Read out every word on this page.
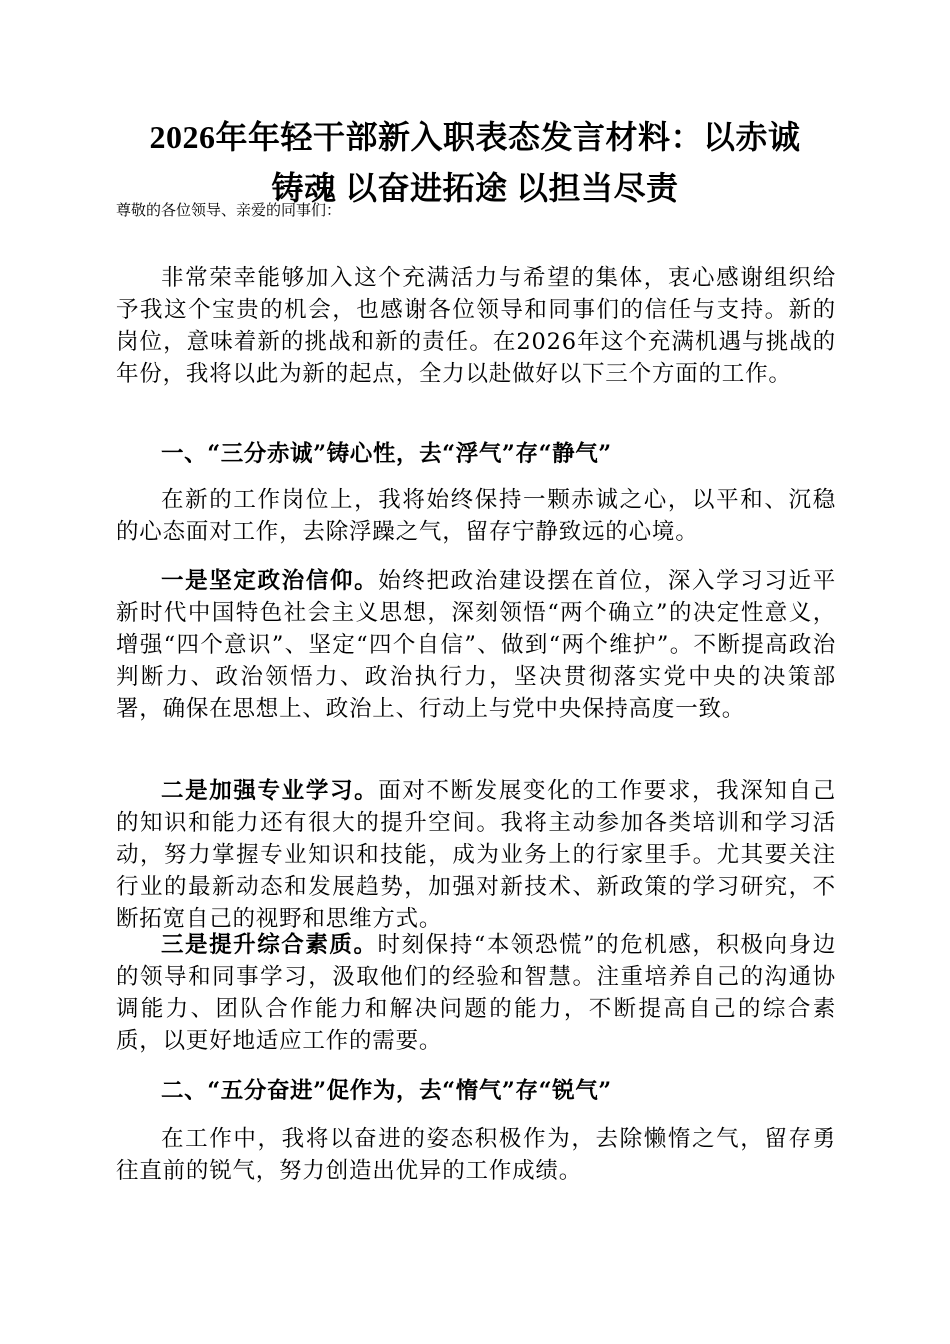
2026年年轻干部新入职表态发言材料：以赤诚
铸魂 以奋进拓途 以担当尽责
尊敬的各位领导、亲爱的同事们：
非常荣幸能够加入这个充满活力与希望的集体，衷心感谢组织给予我这个宝贵的机会，也感谢各位领导和同事们的信任与支持。新的岗位，意味着新的挑战和新的责任。在2026年这个充满机遇与挑战的年份，我将以此为新的起点，全力以赴做好以下三个方面的工作。
一、“三分赤诚”铸心性，去“浮气”存“静气”
在新的工作岗位上，我将始终保持一颗赤诚之心，以平和、沉稳的心态面对工作，去除浮躁之气，留存宁静致远的心境。
一是坚定政治信仰。始终把政治建设摆在首位，深入学习习近平新时代中国特色社会主义思想，深刻领悟“两个确立”的决定性意义，增强“四个意识”、坚定“四个自信”、做到“两个维护”。不断提高政治判断力、政治领悟力、政治执行力，坚决贯彻落实党中央的决策部署，确保在思想上、政治上、行动上与党中央保持高度一致。
二是加强专业学习。面对不断发展变化的工作要求，我深知自己的知识和能力还有很大的提升空间。我将主动参加各类培训和学习活动，努力掌握专业知识和技能，成为业务上的行家里手。尤其要关注行业的最新动态和发展趋势，加强对新技术、新政策的学习研究，不断拓宽自己的视野和思维方式。
三是提升综合素质。时刻保持“本领恐慌”的危机感，积极向身边的领导和同事学习，汲取他们的经验和智慧。注重培养自己的沟通协调能力、团队合作能力和解决问题的能力，不断提高自己的综合素质，以更好地适应工作的需要。
二、“五分奋进”促作为，去“惰气”存“锐气”
在工作中，我将以奋进的姿态积极作为，去除懒惰之气，留存勇往直前的锐气，努力创造出优异的工作成绩。
